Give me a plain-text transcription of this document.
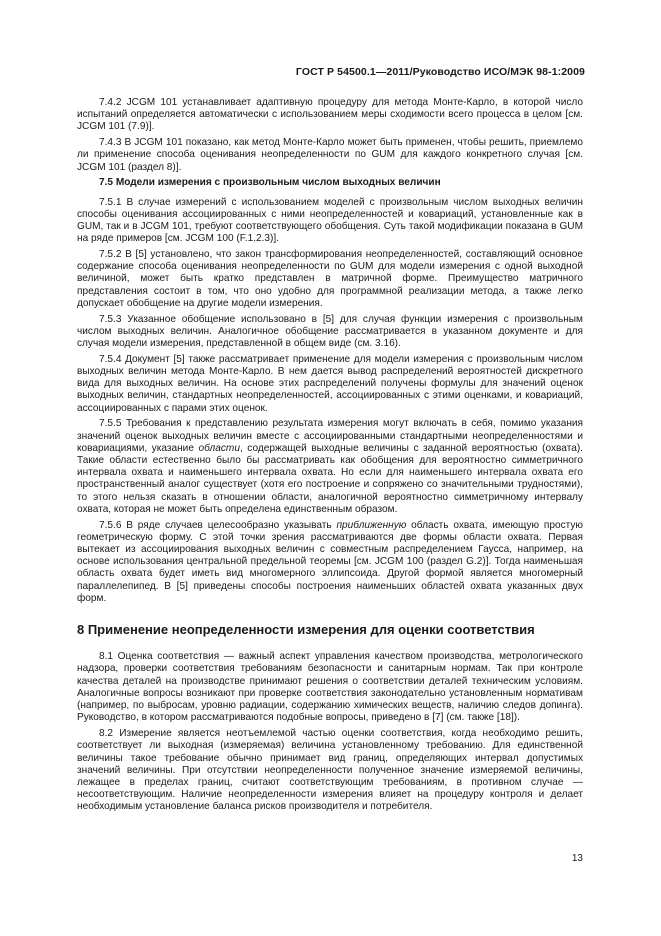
ГОСТ Р 54500.1—2011/Руководство ИСО/МЭК 98-1:2009

7.4.2 JCGM 101 устанавливает адаптивную процедуру для метода Монте-Карло, в которой число испытаний определяется автоматически с использованием меры сходимости всего процесса в целом [см. JCGM 101 (7.9)].

7.4.3 В JCGM 101 показано, как метод Монте-Карло может быть применен, чтобы решить, приемлемо ли применение способа оценивания неопределенности по GUM для каждого конкретного случая [см. JCGM 101 (раздел 8)].

7.5 Модели измерения с произвольным числом выходных величин

7.5.1 В случае измерений с использованием моделей с произвольным числом выходных величин способы оценивания ассоциированных с ними неопределенностей и ковариаций, установленные как в GUM, так и в JCGM 101, требуют соответствующего обобщения. Суть такой модификации показана в GUM на ряде примеров [см. JCGM 100 (F.1.2.3)].

7.5.2 В [5] установлено, что закон трансформирования неопределенностей, составляющий основное содержание способа оценивания неопределенности по GUM для модели измерения с одной выходной величиной, может быть кратко представлен в матричной форме. Преимущество матричного представления состоит в том, что оно удобно для программной реализации метода, а также легко допускает обобщение на другие модели измерения.

7.5.3 Указанное обобщение использовано в [5] для случая функции измерения с произвольным числом выходных величин. Аналогичное обобщение рассматривается в указанном документе и для случая модели измерения, представленной в общем виде (см. 3.16).

7.5.4 Документ [5] также рассматривает применение для модели измерения с произвольным числом выходных величин метода Монте-Карло. В нем дается вывод распределений вероятностей дискретного вида для выходных величин. На основе этих распределений получены формулы для значений оценок выходных величин, стандартных неопределенностей, ассоциированных с этими оценками, и ковариаций, ассоциированных с парами этих оценок.

7.5.5 Требования к представлению результата измерения могут включать в себя, помимо указания значений оценок выходных величин вместе с ассоциированными стандартными неопределенностями и ковариациями, указание области, содержащей выходные величины с заданной вероятностью (охвата). Такие области естественно было бы рассматривать как обобщения для вероятностно симметричного интервала охвата и наименьшего интервала охвата. Но если для наименьшего интервала охвата его пространственный аналог существует (хотя его построение и сопряжено со значительными трудностями), то этого нельзя сказать в отношении области, аналогичной вероятностно симметричному интервалу охвата, которая не может быть определена единственным образом.

7.5.6 В ряде случаев целесообразно указывать приближенную область охвата, имеющую простую геометрическую форму. С этой точки зрения рассматриваются две формы области охвата. Первая вытекает из ассоциирования выходных величин с совместным распределением Гаусса, например, на основе использования центральной предельной теоремы [см. JCGM 100 (раздел G.2)]. Тогда наименьшая область охвата будет иметь вид многомерного эллипсоида. Другой формой является многомерный параллелепипед. В [5] приведены способы построения наименьших областей охвата указанных двух форм.

8 Применение неопределенности измерения для оценки соответствия

8.1 Оценка соответствия — важный аспект управления качеством производства, метрологического надзора, проверки соответствия требованиям безопасности и санитарным нормам. Так при контроле качества деталей на производстве принимают решения о соответствии деталей техническим условиям. Аналогичные вопросы возникают при проверке соответствия законодательно установленным нормативам (например, по выбросам, уровню радиации, содержанию химических веществ, наличию следов допинга). Руководство, в котором рассматриваются подобные вопросы, приведено в [7] (см. также [18]).

8.2 Измерение является неотъемлемой частью оценки соответствия, когда необходимо решить, соответствует ли выходная (измеряемая) величина установленному требованию. Для единственной величины такое требование обычно принимает вид границ, определяющих интервал допустимых значений величины. При отсутствии неопределенности полученное значение измеряемой величины, лежащее в пределах границ, считают соответствующим требованиям, в противном случае — несоответствующим. Наличие неопределенности измерения влияет на процедуру контроля и делает необходимым установление баланса рисков производителя и потребителя.

13
